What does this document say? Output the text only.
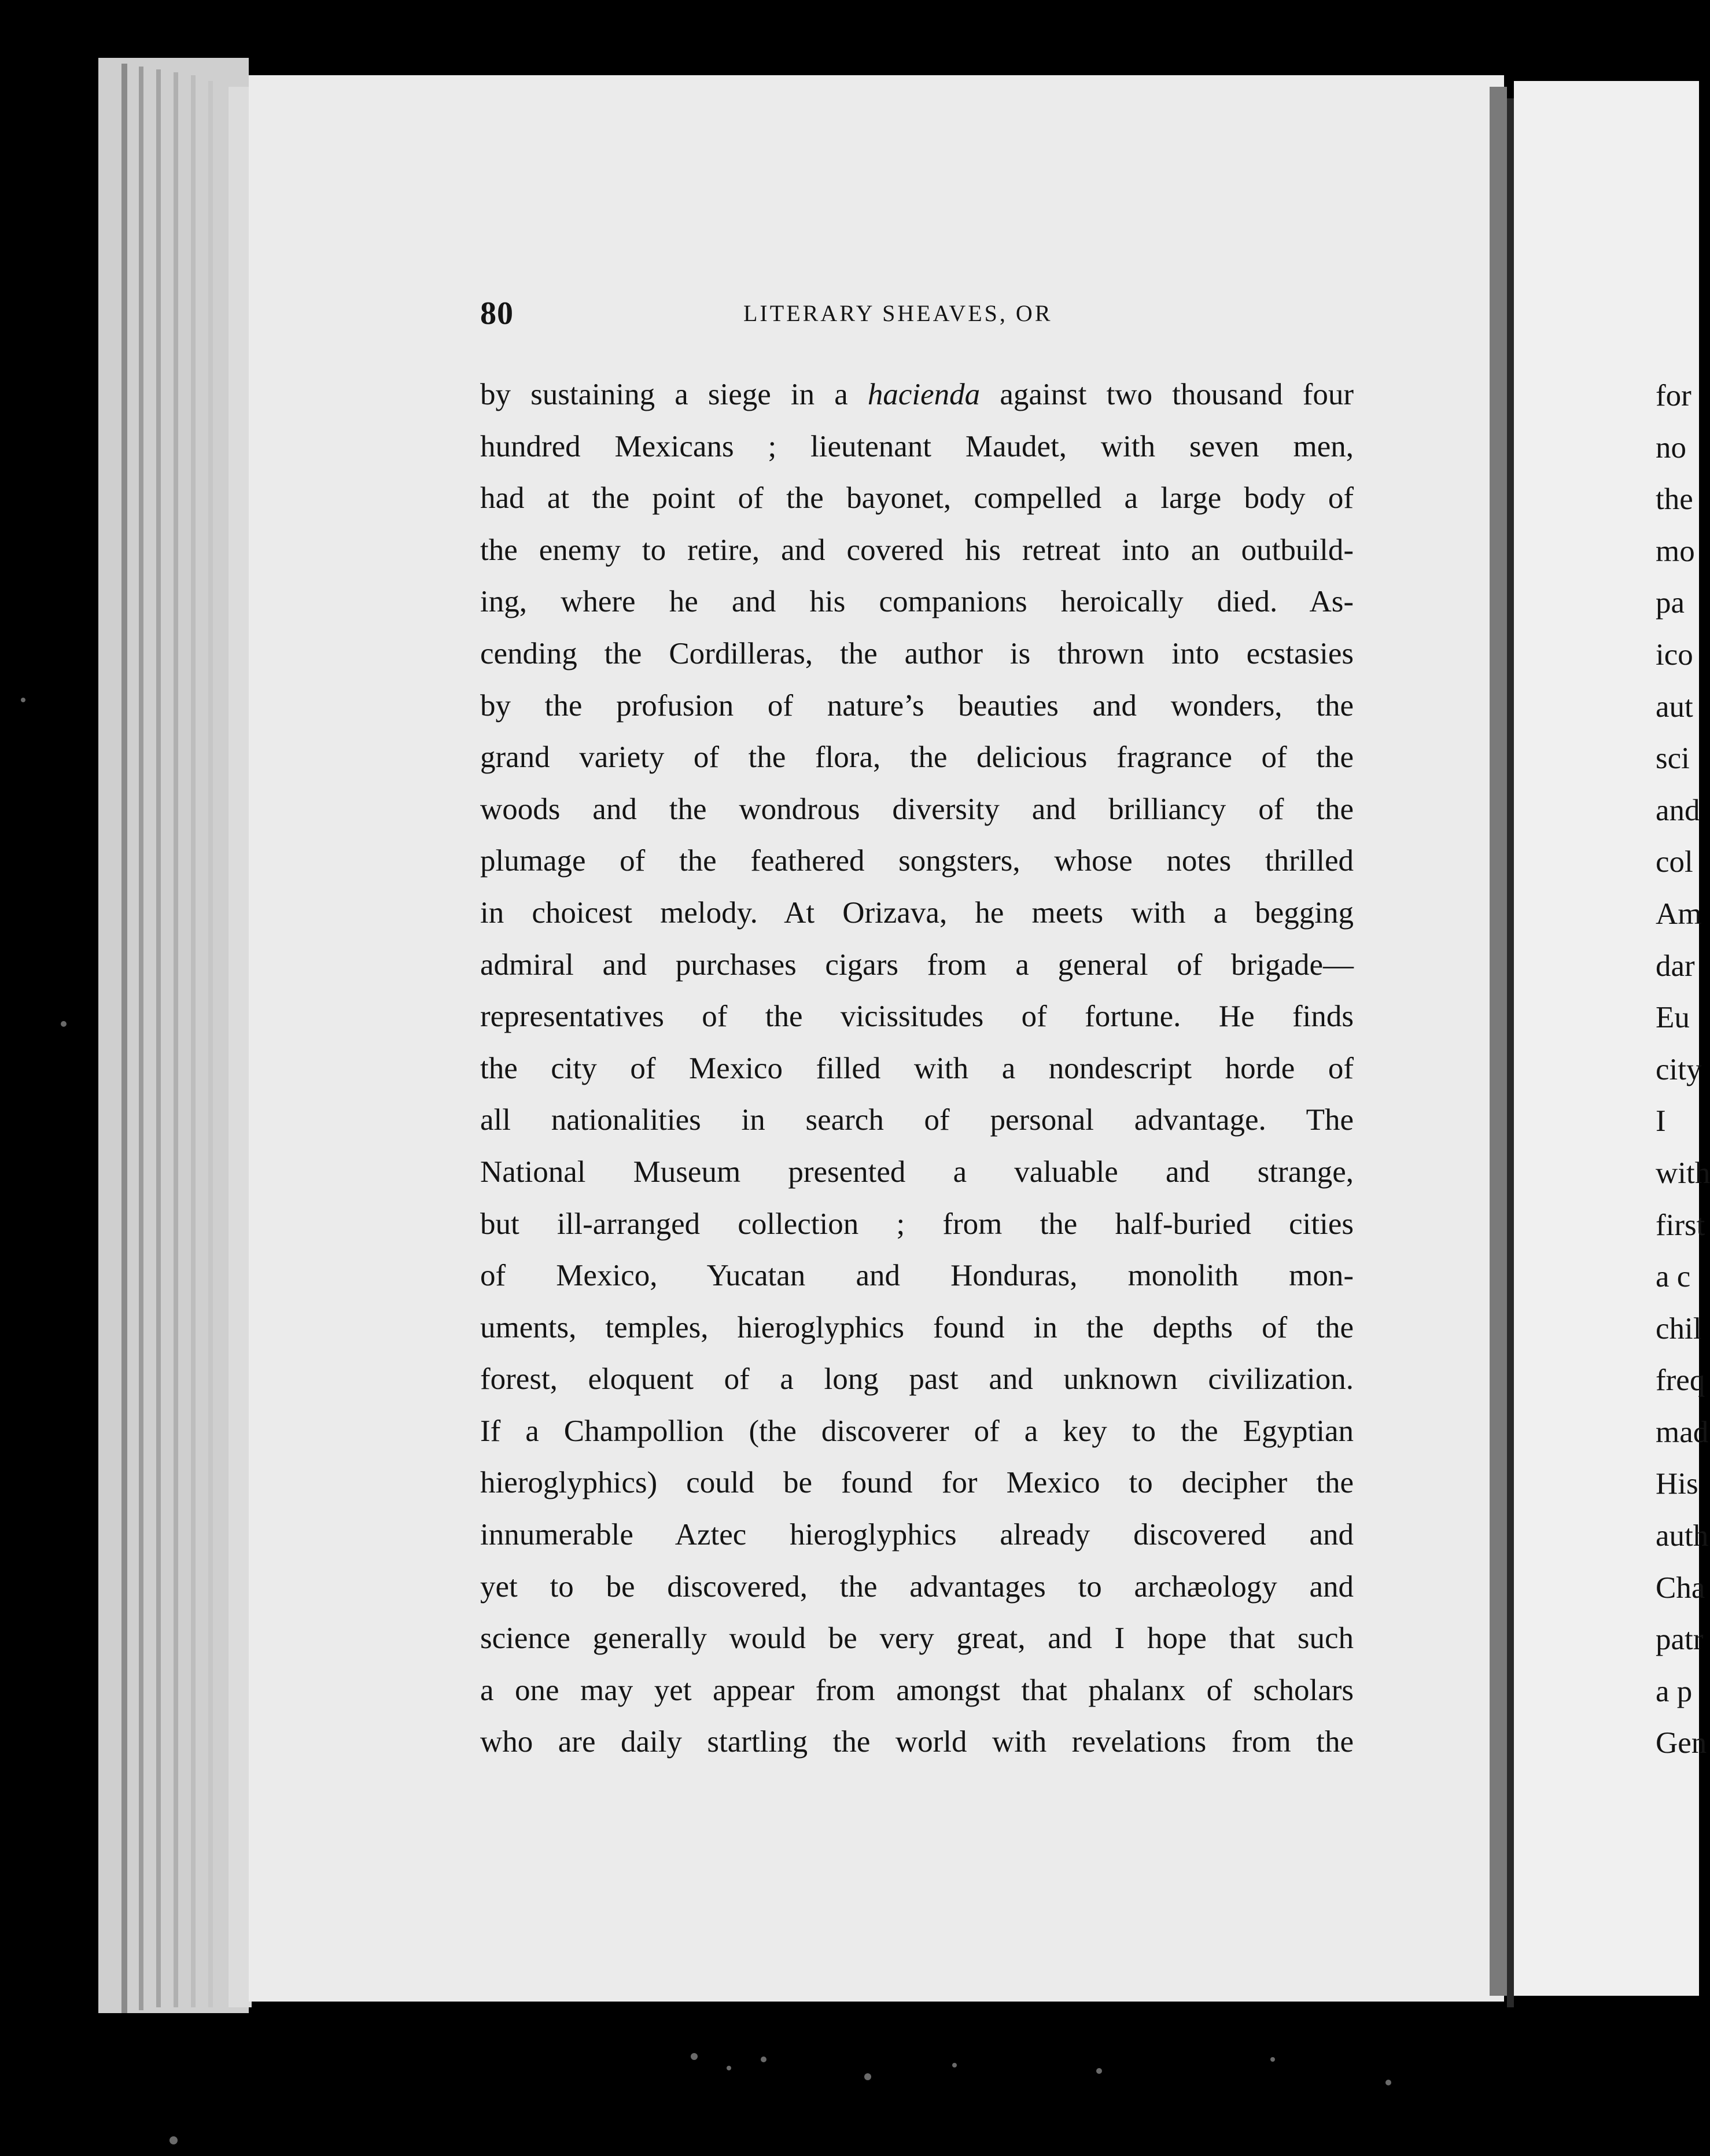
80	LITERARY SHEAVES, OR
by sustaining a siege in a hacienda against two thousand four
hundred Mexicans ; lieutenant Maudet, with seven men,
had at the point of the bayonet, compelled a large body of
the enemy to retire, and covered his retreat into an outbuild-
ing, where he and his companions heroically died. As-
cending the Cordilleras, the author is thrown into ecstasies
by the profusion of nature’s beauties and wonders, the
grand variety of the flora, the delicious fragrance of the
woods and the wondrous diversity and brilliancy of the
plumage of the feathered songsters, whose notes thrilled
in choicest melody. At Orizava, he meets with a begging
admiral and purchases cigars from a general of brigade—
representatives of the vicissitudes of fortune. He finds
the city of Mexico filled with a nondescript horde of
all nationalities in search of personal advantage. The
National Museum presented a valuable and strange,
but ill-arranged collection ; from the half-buried cities
of Mexico, Yucatan and Honduras, monolith mon-
uments, temples, hieroglyphics found in the depths of the
forest, eloquent of a long past and unknown civilization.
If a Champollion (the discoverer of a key to the Egyptian
hieroglyphics) could be found for Mexico to decipher the
innumerable Aztec hieroglyphics already discovered and
yet to be discovered, the advantages to archæology and
science generally would be very great, and I hope that such
a one may yet appear from amongst that phalanx of scholars
who are daily startling the world with revelations from the
for
no
the
mo
pa
ico
aut
sci
and
col
Am
dar
Eu
city
I
with
first
a c
chil
freq
mad
His
auth
Cha
patr
a p
Gen
